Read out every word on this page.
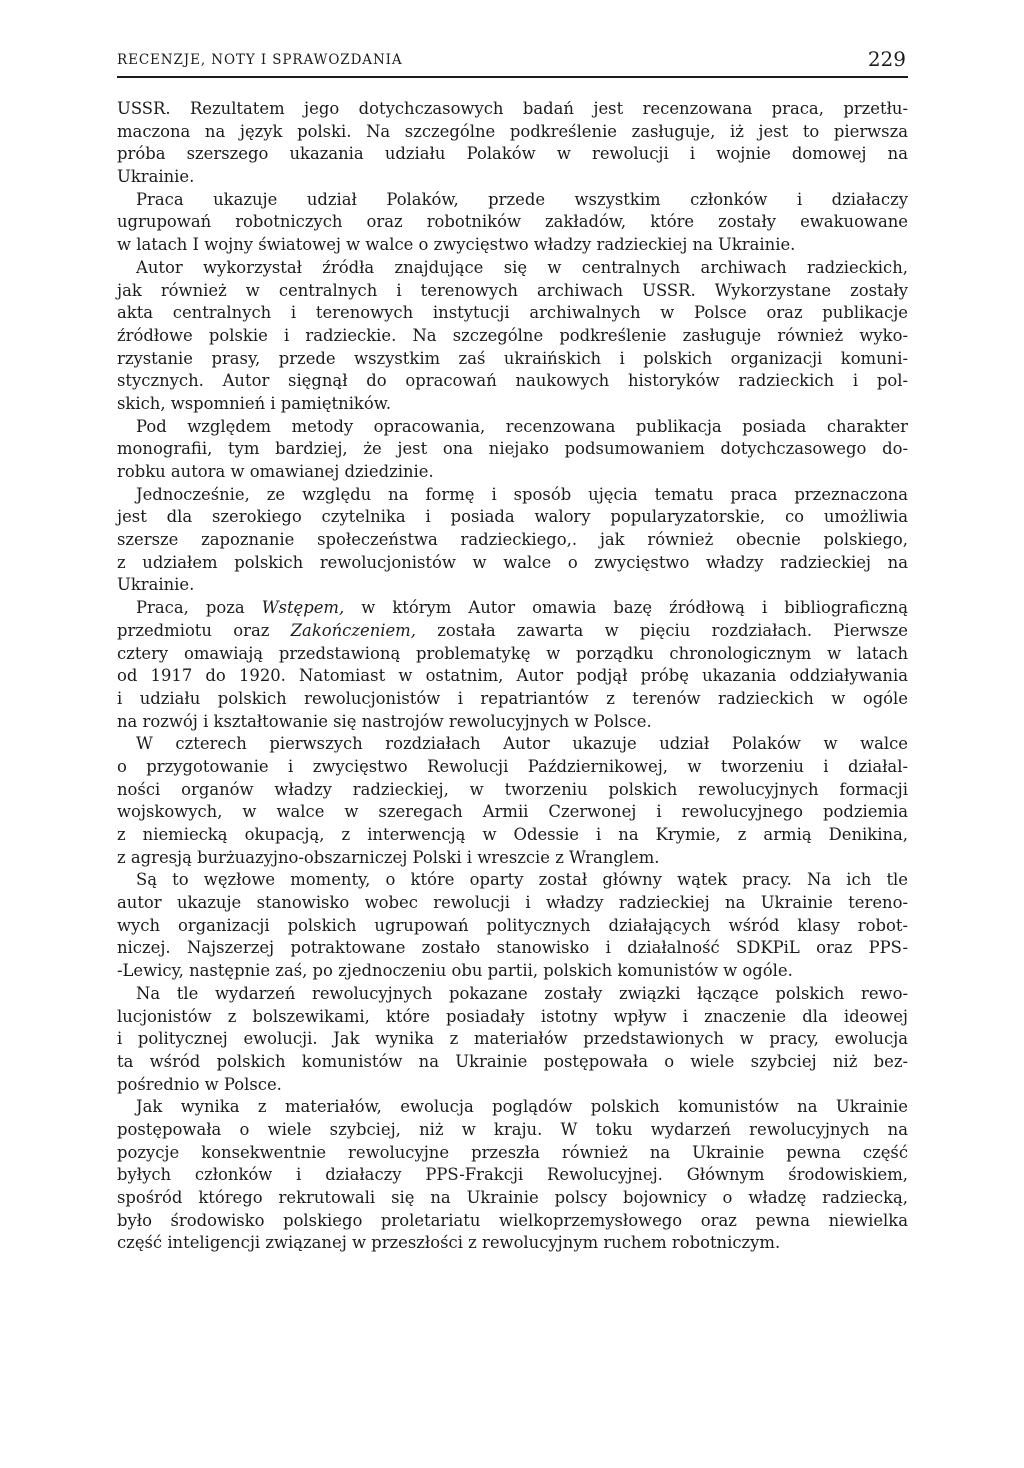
RECENZJE, NOTY I SPRAWOZDANIA	229
USSR. Rezultatem jego dotychczasowych badań jest recenzowana praca, przetłu-
maczona na język polski. Na szczególne podkreślenie zasługuje, iż jest to pierwsza
próba szerszego ukazania udziału Polaków w rewolucji i wojnie domowej na
Ukrainie.
Praca ukazuje udział Polaków, przede wszystkim członków i działaczy
ugrupowań robotniczych oraz robotników zakładów, które zostały ewakuowane
w latach I wojny światowej w walce o zwycięstwo władzy radzieckiej na Ukrainie.
Autor wykorzystał źródła znajdujące się w centralnych archiwach radzieckich,
jak również w centralnych i terenowych archiwach USSR. Wykorzystane zostały
akta centralnych i terenowych instytucji archiwalnych w Polsce oraz publikacje
źródłowe polskie i radzieckie. Na szczególne podkreślenie zasługuje również wyko-
rzystanie prasy, przede wszystkim zaś ukraińskich i polskich organizacji komuni-
stycznych. Autor sięgnął do opracowań naukowych historyków radzieckich i pol-
skich, wspomnień i pamiętników.
Pod względem metody opracowania, recenzowana publikacja posiada charakter
monografii, tym bardziej, że jest ona niejako podsumowaniem dotychczasowego do-
robku autora w omawianej dziedzinie.
Jednocześnie, ze względu na formę i sposób ujęcia tematu praca przeznaczona
jest dla szerokiego czytelnika i posiada walory popularyzatorskie, co umożliwia
szersze zapoznanie społeczeństwa radzieckiego,. jak również obecnie polskiego,
z udziałem polskich rewolucjonistów w walce o zwycięstwo władzy radzieckiej na
Ukrainie.
Praca, poza Wstępem, w którym Autor omawia bazę źródłową i bibliograficzną
przedmiotu oraz Zakończeniem, została zawarta w pięciu rozdziałach. Pierwsze
cztery omawiają przedstawioną problematykę w porządku chronologicznym w latach
od 1917 do 1920. Natomiast w ostatnim, Autor podjął próbę ukazania oddziaływania
i udziału polskich rewolucjonistów i repatriantów z terenów radzieckich w ogóle
na rozwój i kształtowanie się nastrojów rewolucyjnych w Polsce.
W czterech pierwszych rozdziałach Autor ukazuje udział Polaków w walce
o przygotowanie i zwycięstwo Rewolucji Październikowej, w tworzeniu i działal-
ności organów władzy radzieckiej, w tworzeniu polskich rewolucyjnych formacji
wojskowych, w walce w szeregach Armii Czerwonej i rewolucyjnego podziemia
z niemiecką okupacją, z interwencją w Odessie i na Krymie, z armią Denikina,
z agresją burżuazyjno-obszarniczej Polski i wreszcie z Wranglem.
Są to węzłowe momenty, o które oparty został główny wątek pracy. Na ich tle
autor ukazuje stanowisko wobec rewolucji i władzy radzieckiej na Ukrainie tereno-
wych organizacji polskich ugrupowań politycznych działających wśród klasy robot-
niczej. Najszerzej potraktowane zostało stanowisko i działalność SDKPiL oraz PPS-
-Lewicy, następnie zaś, po zjednoczeniu obu partii, polskich komunistów w ogóle.
Na tle wydarzeń rewolucyjnych pokazane zostały związki łączące polskich rewo-
lucjonistów z bolszewikami, które posiadały istotny wpływ i znaczenie dla ideowej
i politycznej ewolucji. Jak wynika z materiałów przedstawionych w pracy, ewolucja
ta wśród polskich komunistów na Ukrainie postępowała o wiele szybciej niż bez-
pośrednio w Polsce.
Jak wynika z materiałów, ewolucja poglądów polskich komunistów na Ukrainie
postępowała o wiele szybciej, niż w kraju. W toku wydarzeń rewolucyjnych na
pozycje konsekwentnie rewolucyjne przeszła również na Ukrainie pewna część
byłych członków i działaczy PPS-Frakcji Rewolucyjnej. Głównym środowiskiem,
spośród którego rekrutowali się na Ukrainie polscy bojownicy o władzę radziecką,
było środowisko polskiego proletariatu wielkoprzemysłowego oraz pewna niewielka
część inteligencji związanej w przeszłości z rewolucyjnym ruchem robotniczym.
